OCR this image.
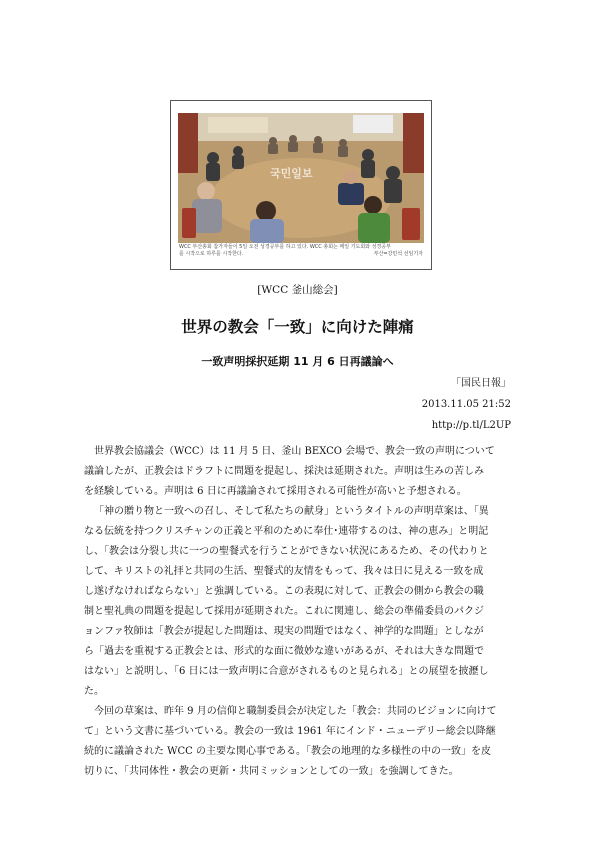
국민일보
WCC 부산총회 참가자들이 5일 오전 성경공부를 하고 있다. WCC 총회는 매일 기도회와 성경공부
를 시작으로 하루를 시작한다.	부산=강민석 선임기자
[WCC 釜山総会]
世界の教会「一致」に向けた陣痛
一致声明採択延期 11 月 6 日再議論へ
「国民日報」
2013.11.05 21:52
http://p.tl/L2UP
世界教会協議会（WCC）は 11 月 5 日、釜山 BEXCO 会場で、教会一致の声明について
議論したが、正教会はドラフトに問題を提起し、採決は延期された。声明は生みの苦しみ
を経験している。声明は 6 日に再議論されて採用される可能性が高いと予想される。
「神の贈り物と一致への召し、そして私たちの献身」というタイトルの声明草案は、「異
なる伝統を持つクリスチャンの正義と平和のために奉仕･連帯するのは、神の恵み」と明記
し、「教会は分裂し共に一つの聖餐式を行うことができない状況にあるため、その代わりと
して、キリストの礼拝と共同の生活、聖餐式的友情をもって、我々は日に見える一致を成
し遂げなければならない」と強調している。この表現に対して、正教会の側から教会の職
制と聖礼典の問題を提起して採用が延期された。これに関連し、総会の準備委員のパクジ
ョンファ牧師は「教会が提起した問題は、現実の問題ではなく、神学的な問題」としなが
ら「過去を重視する正教会とは、形式的な面に微妙な違いがあるが、それは大きな問題で
はない」と説明し、「6 日には一致声明に合意がされるものと見られる」との展望を披瀝し
た。
今回の草案は、昨年 9 月の信仰と職制委員会が決定した「教会：共同のビジョンに向けて
て」という文書に基づいている。教会の一致は 1961 年にインド・ニューデリー総会以降継
続的に議論された WCC の主要な関心事である。「教会の地理的な多様性の中の一致」を皮
切りに、「共同体性・教会の更新・共同ミッションとしての一致」を強調してきた。
